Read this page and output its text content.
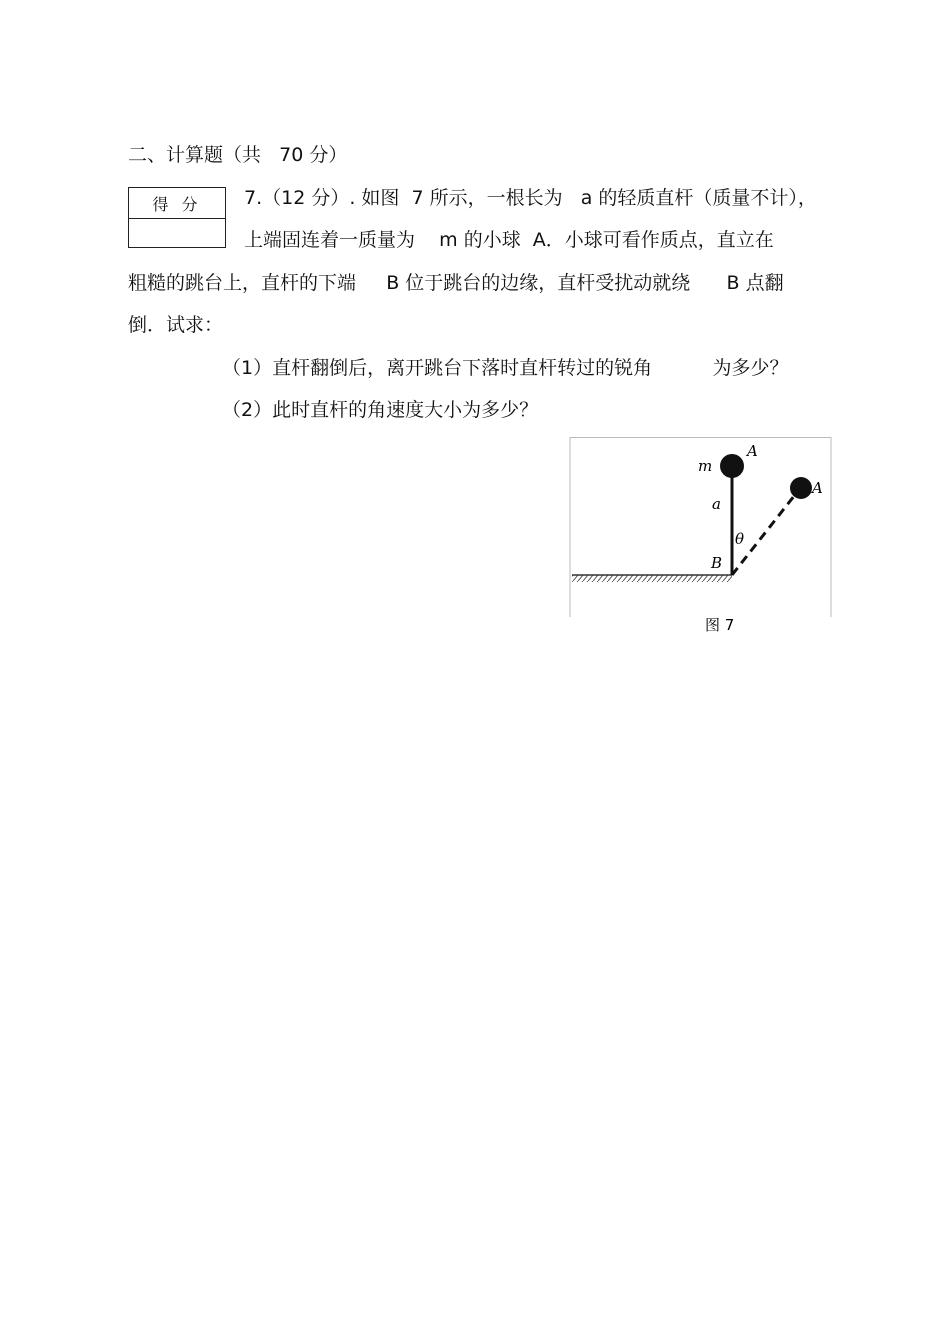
二、计算题（共   70 分）
得 分	7.（12 分）. 如图  7 所示，一根长为   a 的轻质直杆（质量不计），
上端固连着一质量为    m 的小球  A．小球可看作质点，直立在
粗糙的跳台上，直杆的下端     B 位于跳台的边缘，直杆受扰动就绕      B 点翻
倒．试求：
（1）直杆翻倒后，离开跳台下落时直杆转过的锐角          为多少？
（2）此时直杆的角速度大小为多少？
m
A
a
θ
B
A
图 7
